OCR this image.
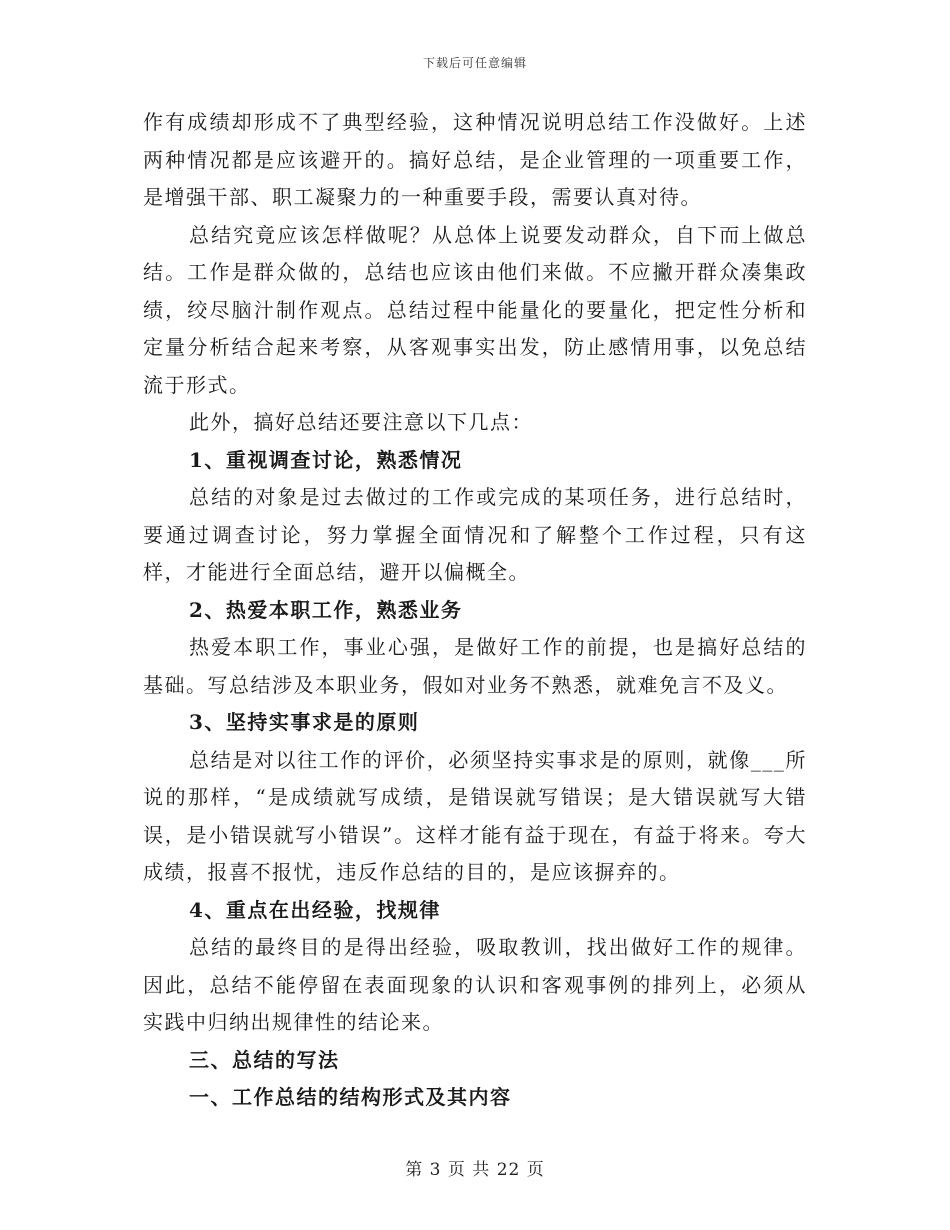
下载后可任意编辑

作有成绩却形成不了典型经验，这种情况说明总结工作没做好。上述两种情况都是应该避开的。搞好总结，是企业管理的一项重要工作，是增强干部、职工凝聚力的一种重要手段，需要认真对待。

总结究竟应该怎样做呢？从总体上说要发动群众，自下而上做总结。工作是群众做的，总结也应该由他们来做。不应撇开群众凑集政绩，绞尽脑汁制作观点。总结过程中能量化的要量化，把定性分析和定量分析结合起来考察，从客观事实出发，防止感情用事，以免总结流于形式。

此外，搞好总结还要注意以下几点：

1、重视调查讨论，熟悉情况

总结的对象是过去做过的工作或完成的某项任务，进行总结时，要通过调查讨论，努力掌握全面情况和了解整个工作过程，只有这样，才能进行全面总结，避开以偏概全。

2、热爱本职工作，熟悉业务

热爱本职工作，事业心强，是做好工作的前提，也是搞好总结的基础。写总结涉及本职业务，假如对业务不熟悉，就难免言不及义。

3、坚持实事求是的原则

总结是对以往工作的评价，必须坚持实事求是的原则，就像___所说的那样，“是成绩就写成绩，是错误就写错误；是大错误就写大错误，是小错误就写小错误”。这样才能有益于现在，有益于将来。夸大成绩，报喜不报忧，违反作总结的目的，是应该摒弃的。

4、重点在出经验，找规律

总结的最终目的是得出经验，吸取教训，找出做好工作的规律。因此，总结不能停留在表面现象的认识和客观事例的排列上，必须从实践中归纳出规律性的结论来。

三、总结的写法

一、工作总结的结构形式及其内容

第 3 页 共 22 页
